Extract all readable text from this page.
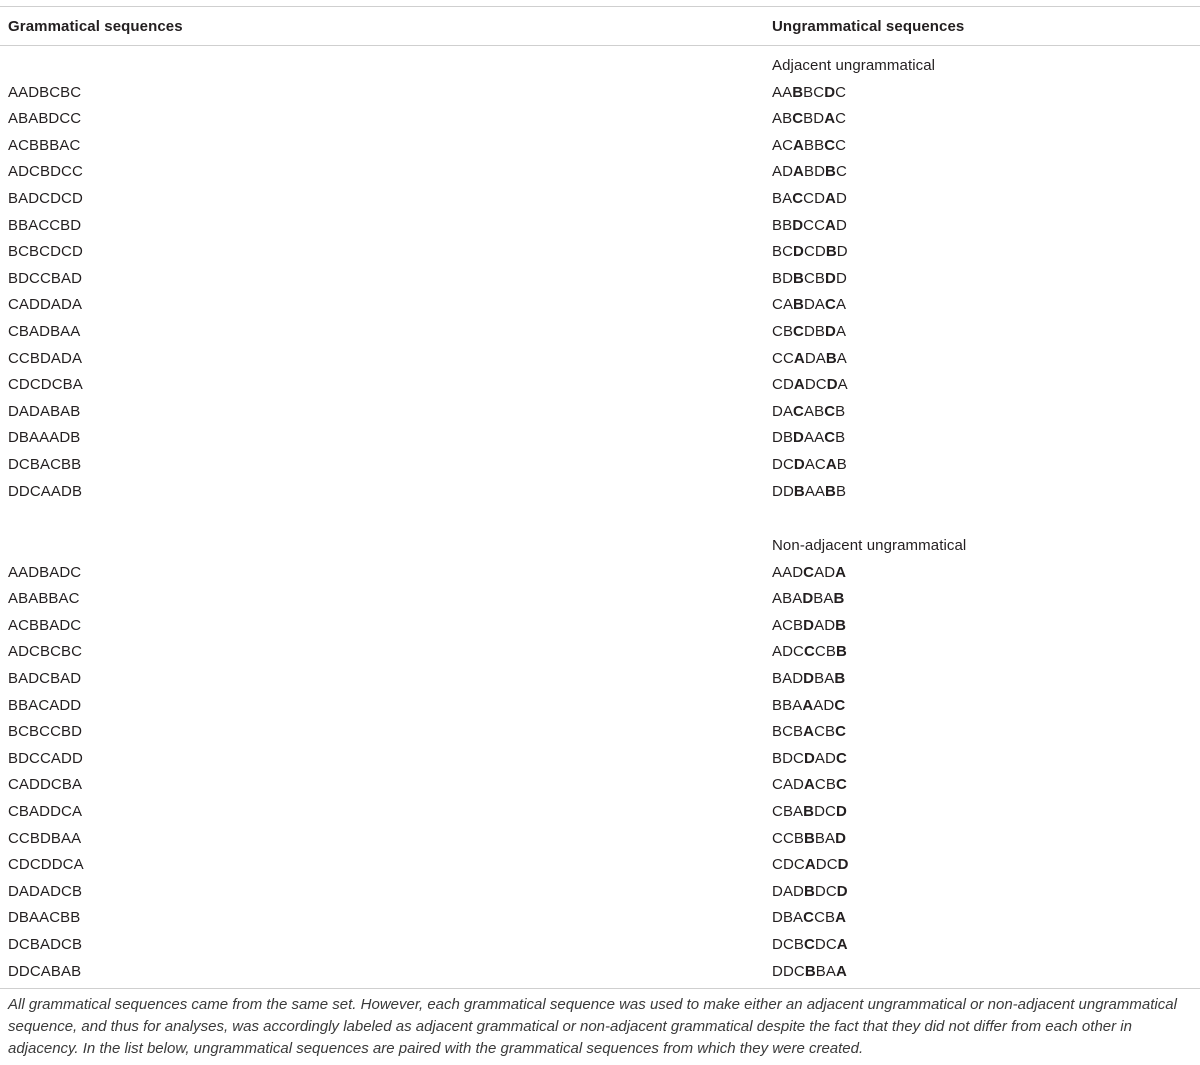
Grammatical sequences	Ungrammatical sequences
Adjacent ungrammatical
AADBCBC	AABBCDC
ABABDCC	ABCBDAC
ACBBBAC	ACABBCC
ADCBDCC	ADABDBC
BADCDCD	BACCDAD
BBACCBD	BBDCCAD
BCBCDCD	BCDCDBD
BDCCBAD	BDBCBDD
CADDADA	CABDACA
CBADBAA	CBCDBDA
CCBDADA	CCADABA
CDCDCBA	CDADCDA
DADABAB	DACABCB
DBAAADB	DBDAACB
DCBACBB	DCDACAB
DDCAADB	DDBAABB
Non-adjacent ungrammatical
AADBADC	AADCADA
ABABBAC	ABADBAB
ACBBADC	ACBDADB
ADCBCBC	ADCCCBB
BADCBAD	BADDBAB
BBACADD	BBAAADC
BCBCCBD	BCBACBC
BDCCADD	BDCDADC
CADDCBA	CADACBC
CBADDCA	CBABDCD
CCBDBAA	CCBBBAD
CDCDDCA	CDCADCD
DADADCB	DADBDCD
DBAACBB	DBACCBA
DCBADCB	DCBCDCA
DDCABAB	DDCBBAA
All grammatical sequences came from the same set. However, each grammatical sequence was used to make either an adjacent ungrammatical or non-adjacent ungrammatical sequence, and thus for analyses, was accordingly labeled as adjacent grammatical or non-adjacent grammatical despite the fact that they did not differ from each other in adjacency. In the list below, ungrammatical sequences are paired with the grammatical sequences from which they were created.
